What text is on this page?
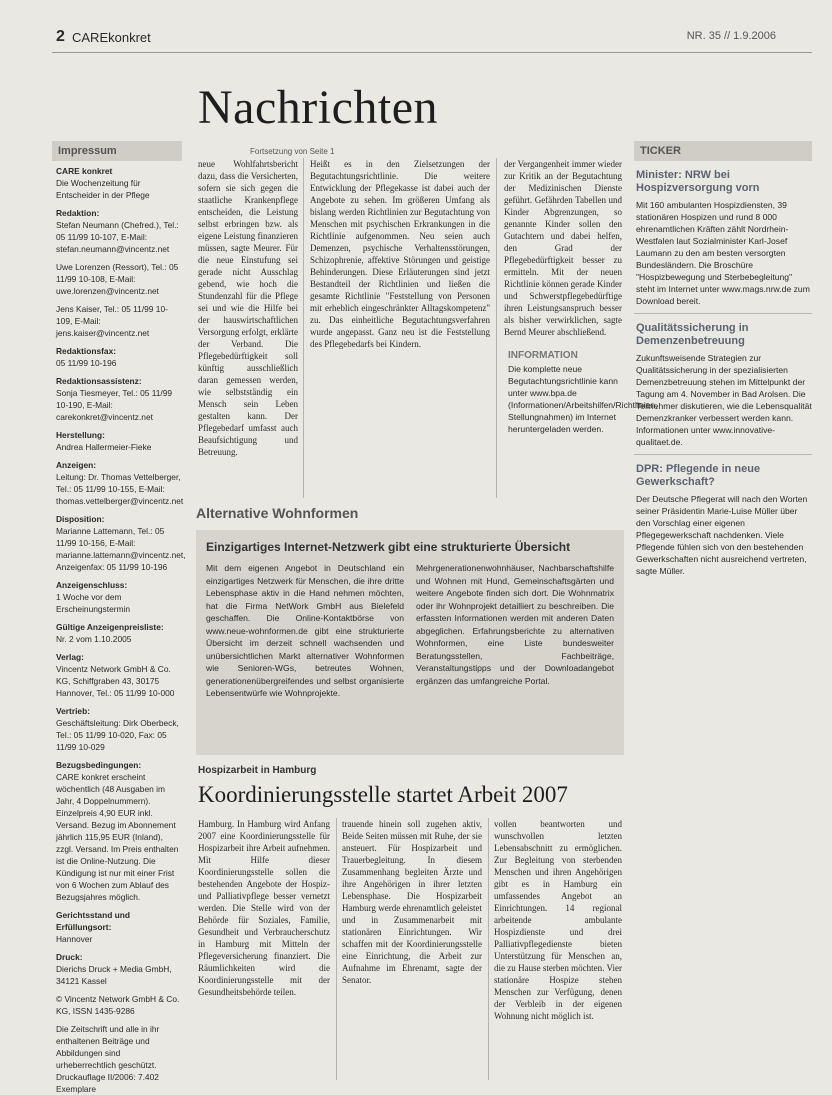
2 CAREkonkret	NR. 35 // 1.9.2006
Nachrichten
Impressum
CARE konkret
Die Wochenzeitung für Entscheider in der Pflege
Redaktion:
Stefan Neumann (Chefred.), Tel.: 05 11/99 10-107, E-Mail: stefan.neumann@vincentz.net
Uwe Lorenzen (Ressort), Tel.: 05 11/99 10-108, E-Mail: uwe.lorenzen@vincentz.net
Jens Kaiser, Tel.: 05 11/99 10-109, E-Mail: jens.kaiser@vincentz.net
Redaktionsfax:
05 11/99 10-196
Redaktionsassistenz:
Sonja Tiesmeyer, Tel.: 05 11/99 10-190, E-Mail: carekonkret@vincentz.net
Herstellung:
Andrea Hallermeier-Fieke
Anzeigen:
Leitung: Dr. Thomas Vettelberger, Tel.: 05 11/99 10-155, E-Mail: thomas.vettelberger@vincentz.net
Disposition:
Marianne Lattemann, Tel.: 05 11/99 10-156, E-Mail: marianne.lattemann@vincentz.net, Anzeigenfax: 05 11/99 10-196
Anzeigenschluss:
1 Woche vor dem Erscheinungstermin
Gültige Anzeigenpreisliste:
Nr. 2 vom 1.10.2005
Verlag:
Vincentz Network GmbH & Co. KG, Schiffgraben 43, 30175 Hannover, Tel.: 05 11/99 10-000
Vertrieb:
Geschäftsleitung: Dirk Oberbeck, Tel.: 05 11/99 10-020, Fax: 05 11/99 10-029
Bezugsbedingungen:
CARE konkret erscheint wöchentlich (48 Ausgaben im Jahr, 4 Doppelnummern). Einzelpreis 4,90 EUR inkl. Versand. Bezug im Abonnement jährlich 115,95 EUR (Inland), zzgl. Versand. Im Preis enthalten ist die Online-Nutzung. Die Kündigung ist nur mit einer Frist von 6 Wochen zum Ablauf des Bezugsjahres möglich.
Gerichtsstand und Erfüllungsort:
Hannover
Druck:
Dierichs Druck + Media GmbH, 34121 Kassel
© Vincentz Network GmbH & Co. KG, ISSN 1435-9286
Die Zeitschrift und alle in ihr enthaltenen Beiträge und Abbildungen sind urheberrechtlich geschützt. Druckauflage II/2006: 7.402 Exemplare
Fortsetzung von Seite 1
neue Wohlfahrtsbericht dazu, dass die Versicherten, sofern sie sich gegen die staatliche Krankenpflege entscheiden, die Leistung selbst erbringen bzw. als eigene Leistung finanzieren müssen, sagte Meurer. Für die neue Einstufung sei gerade nicht Ausschlag gebend, wie hoch die Stundenzahl für die Pflege sei und wie die Hilfe bei der hauswirtschaftlichen Versorgung erfolgt, erklärte der Verband. Die Pflegebedürftigkeit soll künftig ausschließlich daran gemessen werden, wie selbstständig ein Mensch sein Leben gestalten kann. Der Pflegebedarf umfasst auch Beaufsichtigung und Betreuung.
Heißt es in den Zielsetzungen der Begutachtungsrichtlinie. Die weitere Entwicklung der Pflegekasse ist dabei auch der Angebote zu sehen. Im größeren Umfang als bislang werden Richtlinien zur Begutachtung von Menschen mit psychischen Erkrankungen in die Richtlinie aufgenommen. Neu seien auch Demenzen, psychische Verhaltensstörungen, Schizophrenie, affektive Störungen und geistige Behinderungen. Diese Erläuterungen sind jetzt Bestandteil der Richtlinien und ließen die gesamte Richtlinie "Feststellung von Personen mit erheblich eingeschränkter Alltagskompetenz" zu. Das einheitliche Begutachtungsverfahren wurde angepasst. Ganz neu ist die Feststellung des Pflegebedarfs bei Kindern.
der Vergangenheit immer wieder zur Kritik an der Begutachtung der Medizinischen Dienste geführt. Gefährden Tabellen und Kinder Abgrenzungen, so genannte Kinder sollen den Gutachtern und dabei helfen, den Grad der Pflegebedürftigkeit besser zu ermitteln. Mit der neuen Richtlinie können gerade Kinder und Schwerstpflegebedürftige ihren Leistungsanspruch besser als bisher verwirklichen, sagte Bernd Meurer abschließend.
INFORMATION
Die komplette neue Begutachtungsrichtlinie kann unter www.bpa.de (Informationen/Arbeitshilfen/Richtlinien, Stellungnahmen) im Internet heruntergeladen werden.
Alternative Wohnformen
Einzigartiges Internet-Netzwerk gibt eine strukturierte Übersicht
Mit dem eigenen Angebot in Deutschland ein einzigartiges Netzwerk für Menschen, die ihre dritte Lebensphase aktiv in die Hand nehmen möchten, hat die Firma NetWork GmbH aus Bielefeld geschaffen. Die Online-Kontaktbörse von www.neue-wohnformen.de gibt eine strukturierte Übersicht im derzeit schnell wachsenden und unübersichtlichen Markt alternativer Wohnformen wie Senioren-WGs, betreutes Wohnen, generationenübergreifendes und selbst organisierte Lebensentwürfe wie Wohnprojekte.
Mehrgenerationenwohnhäuser, Nachbarschaftshilfe und Wohnen mit Hund, Gemeinschaftsgärten und weitere Angebote finden sich dort. Die Wohnmatrix oder ihr Wohnprojekt detailliert zu beschreiben. Die erfassten Informationen werden mit anderen Daten abgeglichen. Erfahrungsberichte zu alternativen Wohnformen, eine Liste bundesweiter Beratungsstellen, Fachbeiträge, Veranstaltungstipps und der Downloadangebot ergänzen das umfangreiche Portal.
Hospizarbeit in Hamburg
Koordinierungsstelle startet Arbeit 2007
Hamburg. In Hamburg wird Anfang 2007 eine Koordinierungsstelle für Hospizarbeit ihre Arbeit aufnehmen. Mit Hilfe dieser Koordinierungsstelle sollen die bestehenden Angebote der Hospiz- und Palliativpflege besser vernetzt werden. Die Stelle wird von der Behörde für Soziales, Familie, Gesundheit und Verbraucherschutz in Hamburg mit Mitteln der Pflegeversicherung finanziert. Die Räumlichkeiten wird die Koordinierungsstelle mit der Gesundheitsbehörde teilen.
trauende hinein soll zugehen aktiv, Beide Seiten müssen mit Ruhe, der sie ansteuert. Für Hospizarbeit und Trauerbegleitung. In diesem Zusammenhang begleiten Ärzte und ihre Angehörigen in ihrer letzten Lebensphase. Die Hospizarbeit Hamburg werde ehrenamtlich geleistet und in Zusammenarbeit mit stationären Einrichtungen. Wir schaffen mit der Koordinierungsstelle eine Einrichtung, die Arbeit zur Aufnahme im Ehrenamt, sagte der Senator.
vollen beantworten und wunschvollen letzten Lebensabschnitt zu ermöglichen. Zur Begleitung von sterbenden Menschen und ihren Angehörigen gibt es in Hamburg ein umfassendes Angebot an Einrichtungen. 14 regional arbeitende ambulante Hospizdienste und drei Palliativpflegedienste bieten Unterstützung für Menschen an, die zu Hause sterben möchten. Vier stationäre Hospize stehen Menschen zur Verfügung, denen der Verbleib in der eigenen Wohnung nicht möglich ist.
TICKER
Minister: NRW bei Hospizversorgung vorn
Mit 160 ambulanten Hospizdiensten, 39 stationären Hospizen und rund 8 000 ehrenamtlichen Kräften zählt Nordrhein-Westfalen laut Sozialminister Karl-Josef Laumann zu den am besten versorgten Bundesländern. Die Broschüre "Hospizbewegung und Sterbebegleitung" steht im Internet unter www.mags.nrw.de zum Download bereit.
Qualitätssicherung in Demenzenbetreuung
Zukunftsweisende Strategien zur Qualitätssicherung in der spezialisierten Demenzbetreuung stehen im Mittelpunkt der Tagung am 4. November in Bad Arolsen. Die Teilnehmer diskutieren, wie die Lebensqualität Demenzkranker verbessert werden kann. Informationen unter www.innovative-qualitaet.de.
DPR: Pflegende in neue Gewerkschaft?
Der Deutsche Pflegerat will nach den Worten seiner Präsidentin Marie-Luise Müller über den Vorschlag einer eigenen Pflegegewerkschaft nachdenken. Viele Pflegende fühlen sich von den bestehenden Gewerkschaften nicht ausreichend vertreten, sagte Müller.
